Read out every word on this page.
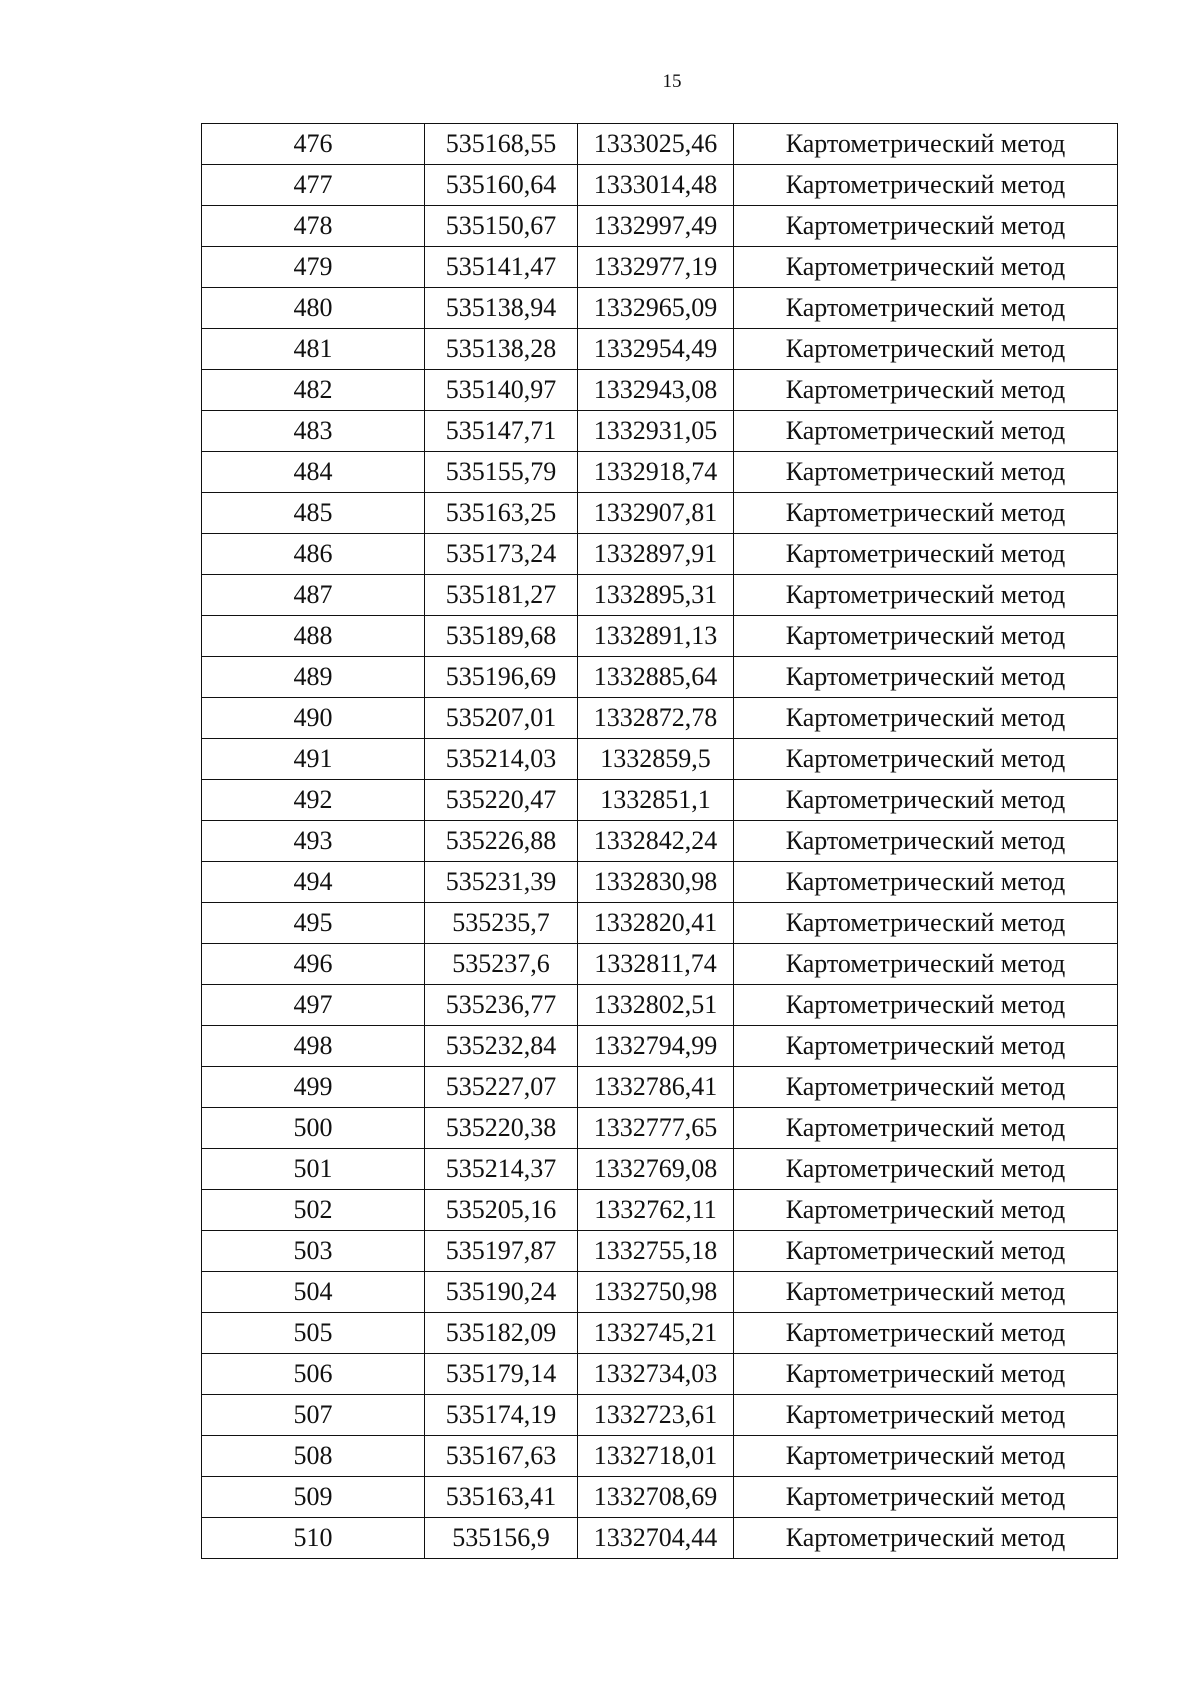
15
476	535168,55	1333025,46	Картометрический метод
477	535160,64	1333014,48	Картометрический метод
478	535150,67	1332997,49	Картометрический метод
479	535141,47	1332977,19	Картометрический метод
480	535138,94	1332965,09	Картометрический метод
481	535138,28	1332954,49	Картометрический метод
482	535140,97	1332943,08	Картометрический метод
483	535147,71	1332931,05	Картометрический метод
484	535155,79	1332918,74	Картометрический метод
485	535163,25	1332907,81	Картометрический метод
486	535173,24	1332897,91	Картометрический метод
487	535181,27	1332895,31	Картометрический метод
488	535189,68	1332891,13	Картометрический метод
489	535196,69	1332885,64	Картометрический метод
490	535207,01	1332872,78	Картометрический метод
491	535214,03	1332859,5	Картометрический метод
492	535220,47	1332851,1	Картометрический метод
493	535226,88	1332842,24	Картометрический метод
494	535231,39	1332830,98	Картометрический метод
495	535235,7	1332820,41	Картометрический метод
496	535237,6	1332811,74	Картометрический метод
497	535236,77	1332802,51	Картометрический метод
498	535232,84	1332794,99	Картометрический метод
499	535227,07	1332786,41	Картометрический метод
500	535220,38	1332777,65	Картометрический метод
501	535214,37	1332769,08	Картометрический метод
502	535205,16	1332762,11	Картометрический метод
503	535197,87	1332755,18	Картометрический метод
504	535190,24	1332750,98	Картометрический метод
505	535182,09	1332745,21	Картометрический метод
506	535179,14	1332734,03	Картометрический метод
507	535174,19	1332723,61	Картометрический метод
508	535167,63	1332718,01	Картометрический метод
509	535163,41	1332708,69	Картометрический метод
510	535156,9	1332704,44	Картометрический метод
